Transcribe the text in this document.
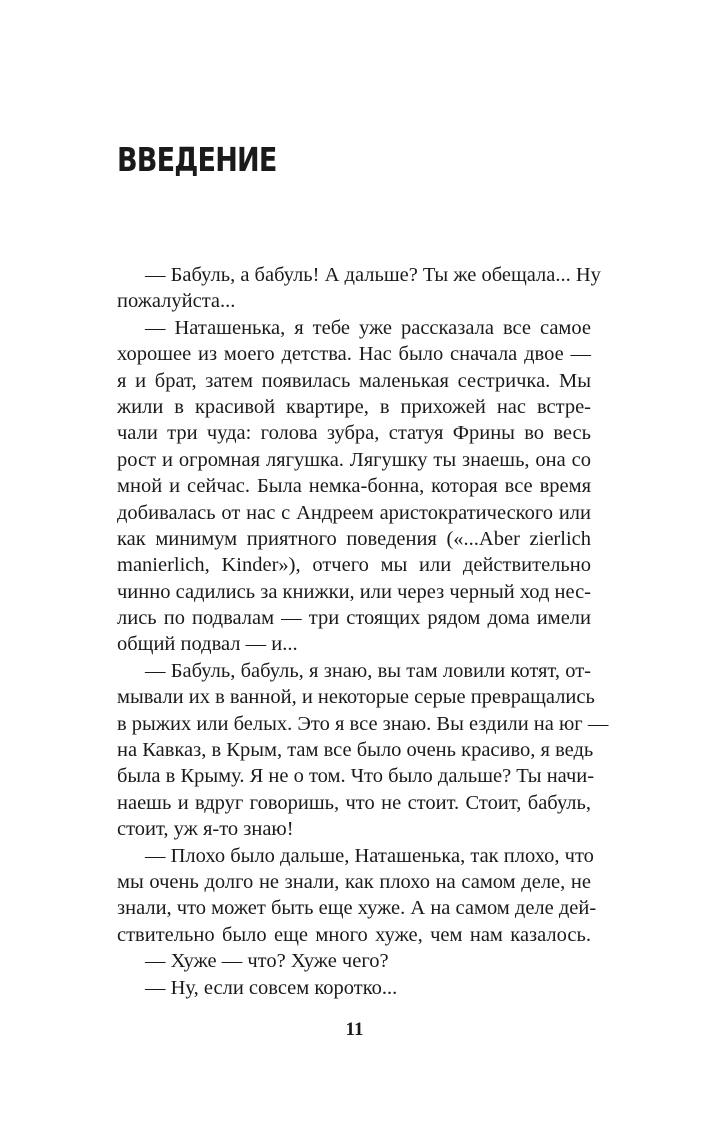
ВВЕДЕНИЕ
— Бабуль, а бабуль! А дальше? Ты же обещала... Ну
пожалуйста...
— Наташенька, я тебе уже рассказала все самое
хорошее из моего детства. Нас было сначала двое —
я и брат, затем появилась маленькая сестричка. Мы
жили в красивой квартире, в прихожей нас встре-
чали три чуда: голова зубра, статуя Фрины во весь
рост и огромная лягушка. Лягушку ты знаешь, она со
мной и сейчас. Была немка-бонна, которая все время
добивалась от нас с Андреем аристократического или
как минимум приятного поведения («...Aber zierlich
manierlich, Kinder»), отчего мы или действительно
чинно садились за книжки, или через черный ход нес-
лись по подвалам — три стоящих рядом дома имели
общий подвал — и...
— Бабуль, бабуль, я знаю, вы там ловили котят, от-
мывали их в ванной, и некоторые серые превращались
в рыжих или белых. Это я все знаю. Вы ездили на юг —
на Кавказ, в Крым, там все было очень красиво, я ведь
была в Крыму. Я не о том. Что было дальше? Ты начи-
наешь и вдруг говоришь, что не стоит. Стоит, бабуль,
стоит, уж я-то знаю!
— Плохо было дальше, Наташенька, так плохо, что
мы очень долго не знали, как плохо на самом деле, не
знали, что может быть еще хуже. А на самом деле дей-
ствительно было еще много хуже, чем нам казалось.
— Хуже — что? Хуже чего?
— Ну, если совсем коротко...
11
